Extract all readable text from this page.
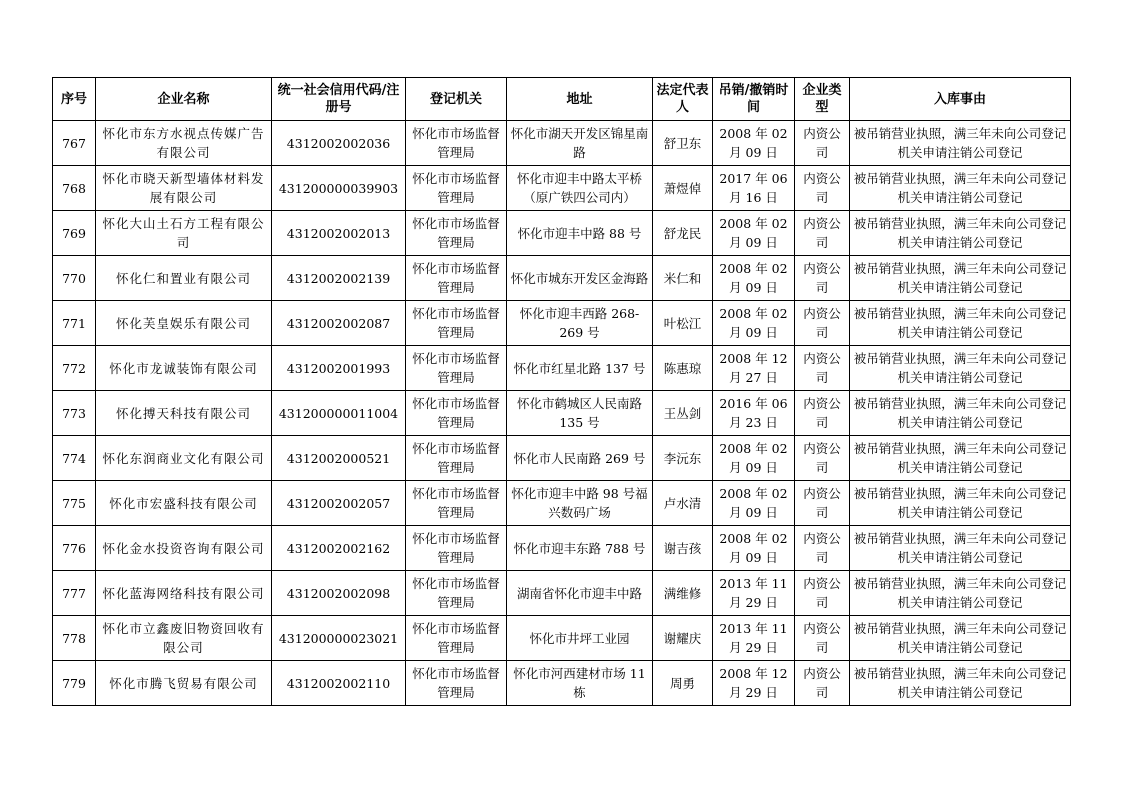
序号	企业名称	统一社会信用代码/注册号	登记机关	地址	法定代表人	吊销/撤销时间	企业类型	入库事由
767	怀化市东方水视点传媒广告有限公司	4312002002036	怀化市市场监督管理局	怀化市湖天开发区锦星南路	舒卫东	2008 年 02 月 09 日	内资公司	被吊销营业执照，满三年未向公司登记机关申请注销公司登记
768	怀化市晓天新型墙体材料发展有限公司	431200000039903	怀化市市场监督管理局	怀化市迎丰中路太平桥（原广铁四公司内）	萧煜倬	2017 年 06 月 16 日	内资公司	被吊销营业执照，满三年未向公司登记机关申请注销公司登记
769	怀化大山土石方工程有限公司	4312002002013	怀化市市场监督管理局	怀化市迎丰中路 88 号	舒龙民	2008 年 02 月 09 日	内资公司	被吊销营业执照，满三年未向公司登记机关申请注销公司登记
770	怀化仁和置业有限公司	4312002002139	怀化市市场监督管理局	怀化市城东开发区金海路	米仁和	2008 年 02 月 09 日	内资公司	被吊销营业执照，满三年未向公司登记机关申请注销公司登记
771	怀化芙皇娱乐有限公司	4312002002087	怀化市市场监督管理局	怀化市迎丰西路 268-269 号	叶松江	2008 年 02 月 09 日	内资公司	被吊销营业执照，满三年未向公司登记机关申请注销公司登记
772	怀化市龙诚装饰有限公司	4312002001993	怀化市市场监督管理局	怀化市红星北路 137 号	陈惠琼	2008 年 12 月 27 日	内资公司	被吊销营业执照，满三年未向公司登记机关申请注销公司登记
773	怀化搏天科技有限公司	431200000011004	怀化市市场监督管理局	怀化市鹤城区人民南路 135 号	王丛剑	2016 年 06 月 23 日	内资公司	被吊销营业执照，满三年未向公司登记机关申请注销公司登记
774	怀化东润商业文化有限公司	4312002000521	怀化市市场监督管理局	怀化市人民南路 269 号	李沅东	2008 年 02 月 09 日	内资公司	被吊销营业执照，满三年未向公司登记机关申请注销公司登记
775	怀化市宏盛科技有限公司	4312002002057	怀化市市场监督管理局	怀化市迎丰中路 98 号福兴数码广场	卢水清	2008 年 02 月 09 日	内资公司	被吊销营业执照，满三年未向公司登记机关申请注销公司登记
776	怀化金水投资咨询有限公司	4312002002162	怀化市市场监督管理局	怀化市迎丰东路 788 号	谢吉孩	2008 年 02 月 09 日	内资公司	被吊销营业执照，满三年未向公司登记机关申请注销公司登记
777	怀化蓝海网络科技有限公司	4312002002098	怀化市市场监督管理局	湖南省怀化市迎丰中路	满维修	2013 年 11 月 29 日	内资公司	被吊销营业执照，满三年未向公司登记机关申请注销公司登记
778	怀化市立鑫废旧物资回收有限公司	431200000023021	怀化市市场监督管理局	怀化市井坪工业园	谢耀庆	2013 年 11 月 29 日	内资公司	被吊销营业执照，满三年未向公司登记机关申请注销公司登记
779	怀化市腾飞贸易有限公司	4312002002110	怀化市市场监督管理局	怀化市河西建材市场 11 栋	周勇	2008 年 12 月 29 日	内资公司	被吊销营业执照，满三年未向公司登记机关申请注销公司登记
